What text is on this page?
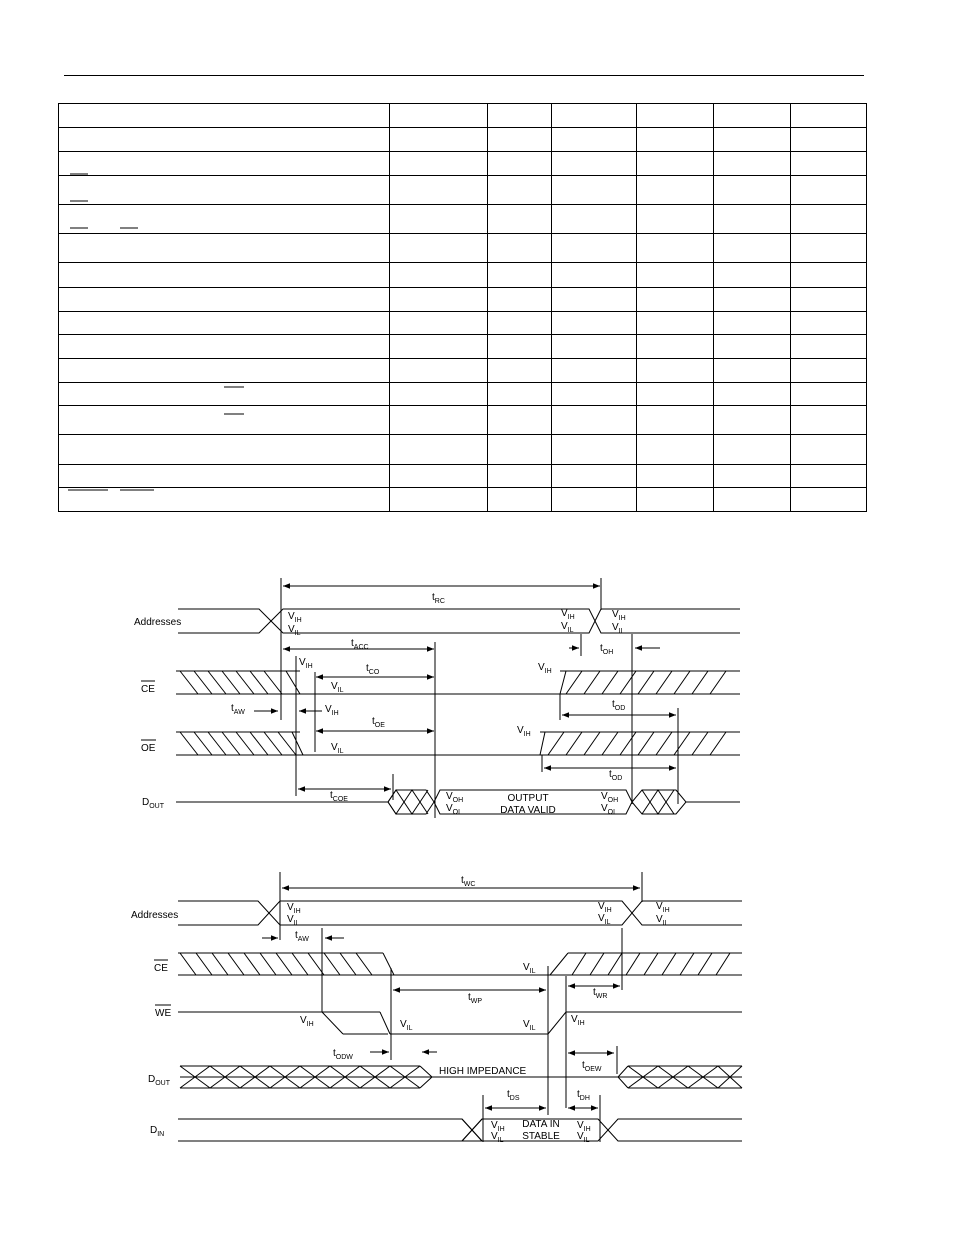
Addresses
CE
OE
$D_{OUT}$
$t_{RC}$
$t_{ACC}$
$t_{CO}$
$t_{AW}$
$t_{OE}$
$t_{COE}$
$t_{OH}$
$t_{OD}$
$t_{OD}$
$V_{IH}$
$V_{IL}$
$V_{IH}$
$V_{IL}$
$V_{IH}$
$V_{IL}$
$V_{IH}$
$V_{IL}$
$V_{IH}$
$V_{IH}$
$V_{IL}$
$V_{IH}$
$V_{OH}$
$V_{OL}$
$V_{OH}$
$V_{OL}$
OUTPUT
DATA VALID
Addresses
CE
WE
$D_{OUT}$
$D_{IN}$
$t_{WC}$
$t_{AW}$
$t_{WP}$
$t_{WR}$
$t_{ODW}$
$t_{OEW}$
$t_{DS}$	$t_{DH}$
$V_{IH}$
$V_{IL}$
$V_{IH}$
$V_{IL}$
$V_{IH}$
$V_{IL}$
$V_{IL}$
$V_{IH}$	$V_{IL}$	$V_{IL}$
$V_{IH}$
HIGH IMPEDANCE
$V_{IH}$
$V_{IL}$
$V_{IH}$
$V_{IL}$
DATA IN
STABLE
